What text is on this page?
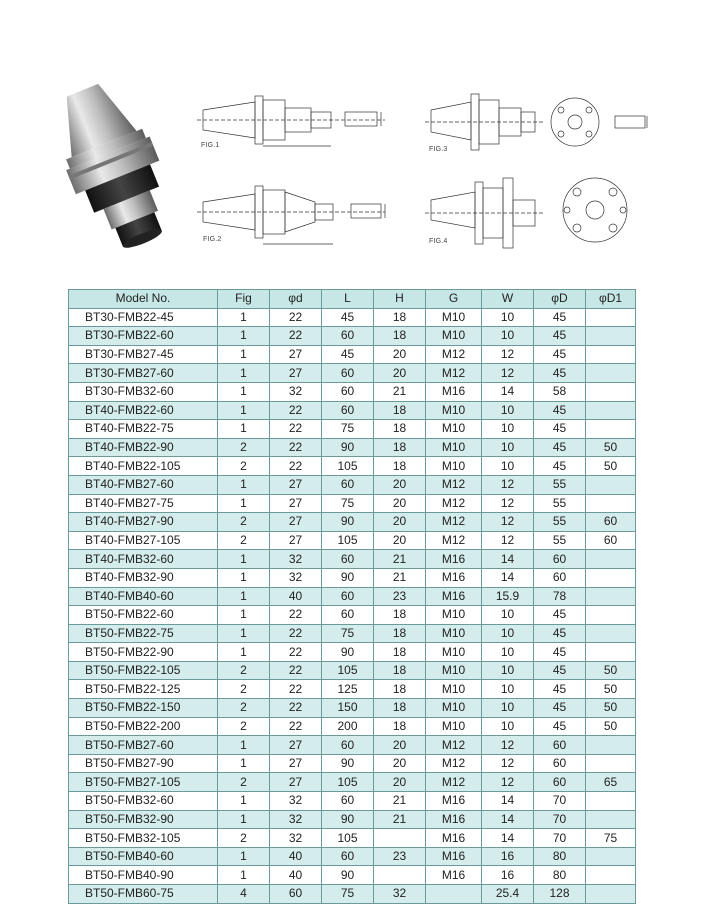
FIG.1
FIG.3
FIG.2	FIG.4
Model No.	Fig	φd	L	H	G	W	φD	φD1
BT30-FMB22-45	1	22	45	18	M10	10	45	
BT30-FMB22-60	1	22	60	18	M10	10	45	
BT30-FMB27-45	1	27	45	20	M12	12	45	
BT30-FMB27-60	1	27	60	20	M12	12	45	
BT30-FMB32-60	1	32	60	21	M16	14	58	
BT40-FMB22-60	1	22	60	18	M10	10	45	
BT40-FMB22-75	1	22	75	18	M10	10	45	
BT40-FMB22-90	2	22	90	18	M10	10	45	50
BT40-FMB22-105	2	22	105	18	M10	10	45	50
BT40-FMB27-60	1	27	60	20	M12	12	55	
BT40-FMB27-75	1	27	75	20	M12	12	55	
BT40-FMB27-90	2	27	90	20	M12	12	55	60
BT40-FMB27-105	2	27	105	20	M12	12	55	60
BT40-FMB32-60	1	32	60	21	M16	14	60	
BT40-FMB32-90	1	32	90	21	M16	14	60	
BT40-FMB40-60	1	40	60	23	M16	15.9	78	
BT50-FMB22-60	1	22	60	18	M10	10	45	
BT50-FMB22-75	1	22	75	18	M10	10	45	
BT50-FMB22-90	1	22	90	18	M10	10	45	
BT50-FMB22-105	2	22	105	18	M10	10	45	50
BT50-FMB22-125	2	22	125	18	M10	10	45	50
BT50-FMB22-150	2	22	150	18	M10	10	45	50
BT50-FMB22-200	2	22	200	18	M10	10	45	50
BT50-FMB27-60	1	27	60	20	M12	12	60	
BT50-FMB27-90	1	27	90	20	M12	12	60	
BT50-FMB27-105	2	27	105	20	M12	12	60	65
BT50-FMB32-60	1	32	60	21	M16	14	70	
BT50-FMB32-90	1	32	90	21	M16	14	70	
BT50-FMB32-105	2	32	105		M16	14	70	75
BT50-FMB40-60	1	40	60	23	M16	16	80	
BT50-FMB40-90	1	40	90		M16	16	80	
BT50-FMB60-75	4	60	75	32		25.4	128	
